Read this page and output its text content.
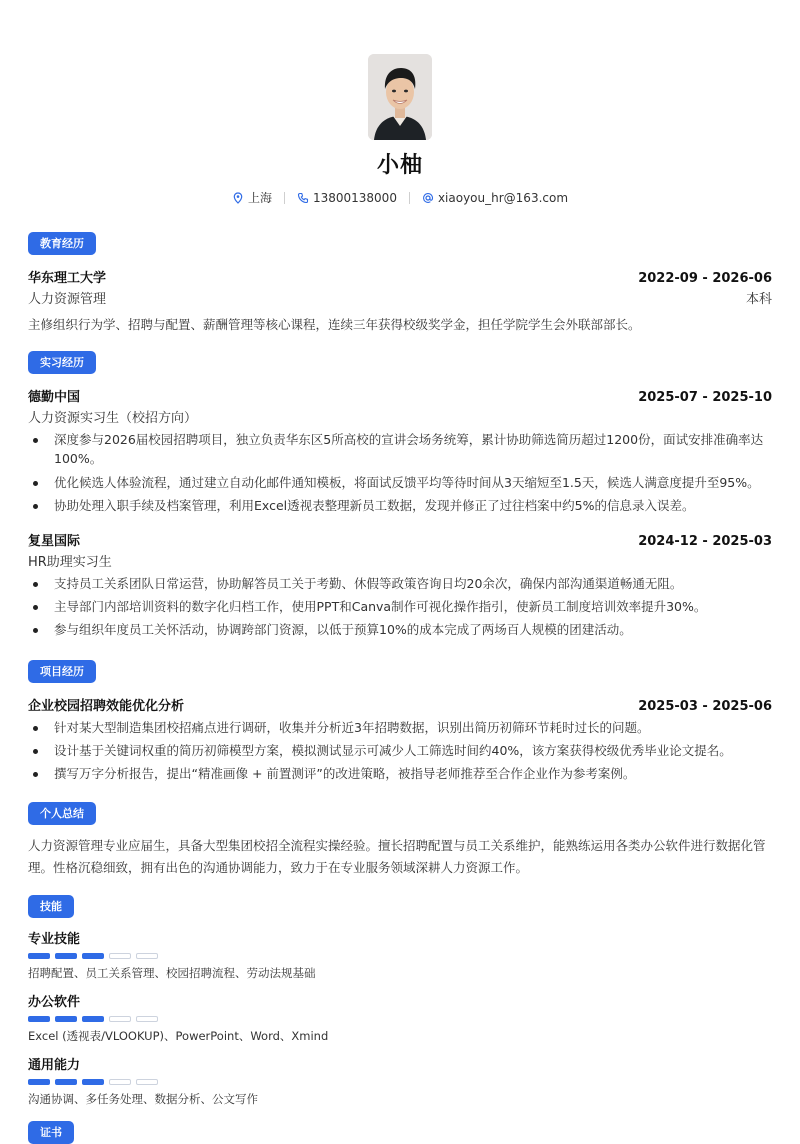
小柚
上海	13800138000	xiaoyou_hr@163.com
教育经历
华东理工大学	2022-09 - 2026-06
人力资源管理	本科
主修组织行为学、招聘与配置、薪酬管理等核心课程，连续三年获得校级奖学金，担任学院学生会外联部部长。
实习经历
德勤中国	2025-07 - 2025-10
人力资源实习生（校招方向）
深度参与2026届校园招聘项目，独立负责华东区5所高校的宣讲会场务统筹，累计协助筛选简历超过1200份，面试安排准确率达100%。
优化候选人体验流程，通过建立自动化邮件通知模板，将面试反馈平均等待时间从3天缩短至1.5天，候选人满意度提升至95%。
协助处理入职手续及档案管理，利用Excel透视表整理新员工数据，发现并修正了过往档案中约5%的信息录入误差。
复星国际	2024-12 - 2025-03
HR助理实习生
支持员工关系团队日常运营，协助解答员工关于考勤、休假等政策咨询日均20余次，确保内部沟通渠道畅通无阻。
主导部门内部培训资料的数字化归档工作，使用PPT和Canva制作可视化操作指引，使新员工制度培训效率提升30%。
参与组织年度员工关怀活动，协调跨部门资源，以低于预算10%的成本完成了两场百人规模的团建活动。
项目经历
企业校园招聘效能优化分析	2025-03 - 2025-06
针对某大型制造集团校招痛点进行调研，收集并分析近3年招聘数据，识别出简历初筛环节耗时过长的问题。
设计基于关键词权重的简历初筛模型方案，模拟测试显示可减少人工筛选时间约40%，该方案获得校级优秀毕业论文提名。
撰写万字分析报告，提出“精准画像 + 前置测评”的改进策略，被指导老师推荐至合作企业作为参考案例。
个人总结
人力资源管理专业应届生，具备大型集团校招全流程实操经验。擅长招聘配置与员工关系维护，能熟练运用各类办公软件进行数据化管理。性格沉稳细致，拥有出色的沟通协调能力，致力于在专业服务领域深耕人力资源工作。
技能
专业技能
招聘配置、员工关系管理、校园招聘流程、劳动法规基础
办公软件
Excel (透视表/VLOOKUP)、PowerPoint、Word、Xmind
通用能力
沟通协调、多任务处理、数据分析、公文写作
证书
